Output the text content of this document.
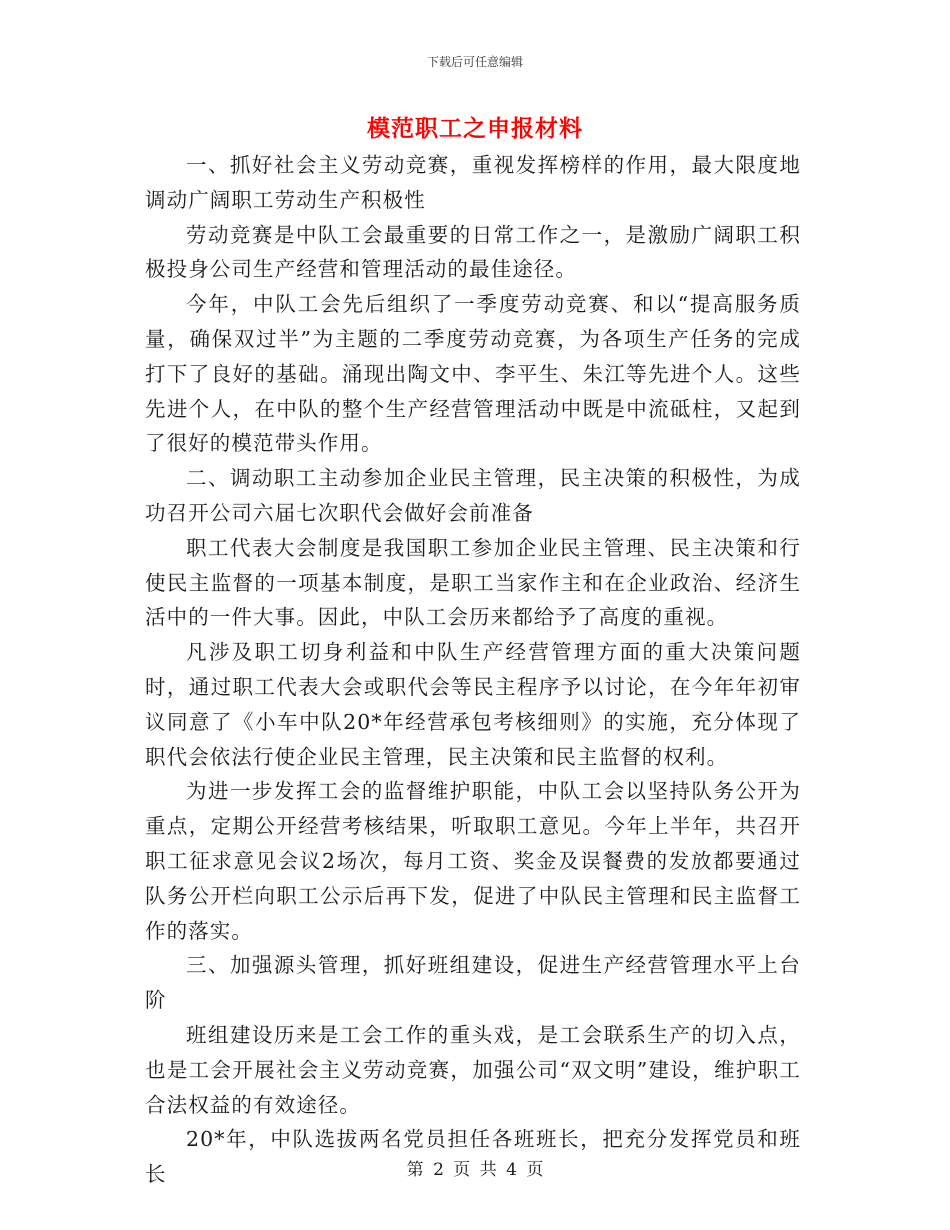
下载后可任意编辑
模范职工之申报材料

一、抓好社会主义劳动竞赛，重视发挥榜样的作用，最大限度地调动广阔职工劳动生产积极性

劳动竞赛是中队工会最重要的日常工作之一，是激励广阔职工积极投身公司生产经营和管理活动的最佳途径。

今年，中队工会先后组织了一季度劳动竞赛、和以“提高服务质量，确保双过半”为主题的二季度劳动竞赛，为各项生产任务的完成打下了良好的基础。涌现出陶文中、李平生、朱江等先进个人。这些先进个人，在中队的整个生产经营管理活动中既是中流砥柱，又起到了很好的模范带头作用。

二、调动职工主动参加企业民主管理，民主决策的积极性，为成功召开公司六届七次职代会做好会前准备

职工代表大会制度是我国职工参加企业民主管理、民主决策和行使民主监督的一项基本制度，是职工当家作主和在企业政治、经济生活中的一件大事。因此，中队工会历来都给予了高度的重视。

凡涉及职工切身利益和中队生产经营管理方面的重大决策问题时，通过职工代表大会或职代会等民主程序予以讨论，在今年年初审议同意了《小车中队20*年经营承包考核细则》的实施，充分体现了职代会依法行使企业民主管理，民主决策和民主监督的权利。

为进一步发挥工会的监督维护职能，中队工会以坚持队务公开为重点，定期公开经营考核结果，听取职工意见。今年上半年，共召开职工征求意见会议2场次，每月工资、奖金及误餐费的发放都要通过队务公开栏向职工公示后再下发，促进了中队民主管理和民主监督工作的落实。

三、加强源头管理，抓好班组建设，促进生产经营管理水平上台阶

班组建设历来是工会工作的重头戏，是工会联系生产的切入点，也是工会开展社会主义劳动竞赛，加强公司“双文明”建设，维护职工合法权益的有效途径。

20*年，中队选拔两名党员担任各班班长，把充分发挥党员和班长	第 2 页 共 4 页
